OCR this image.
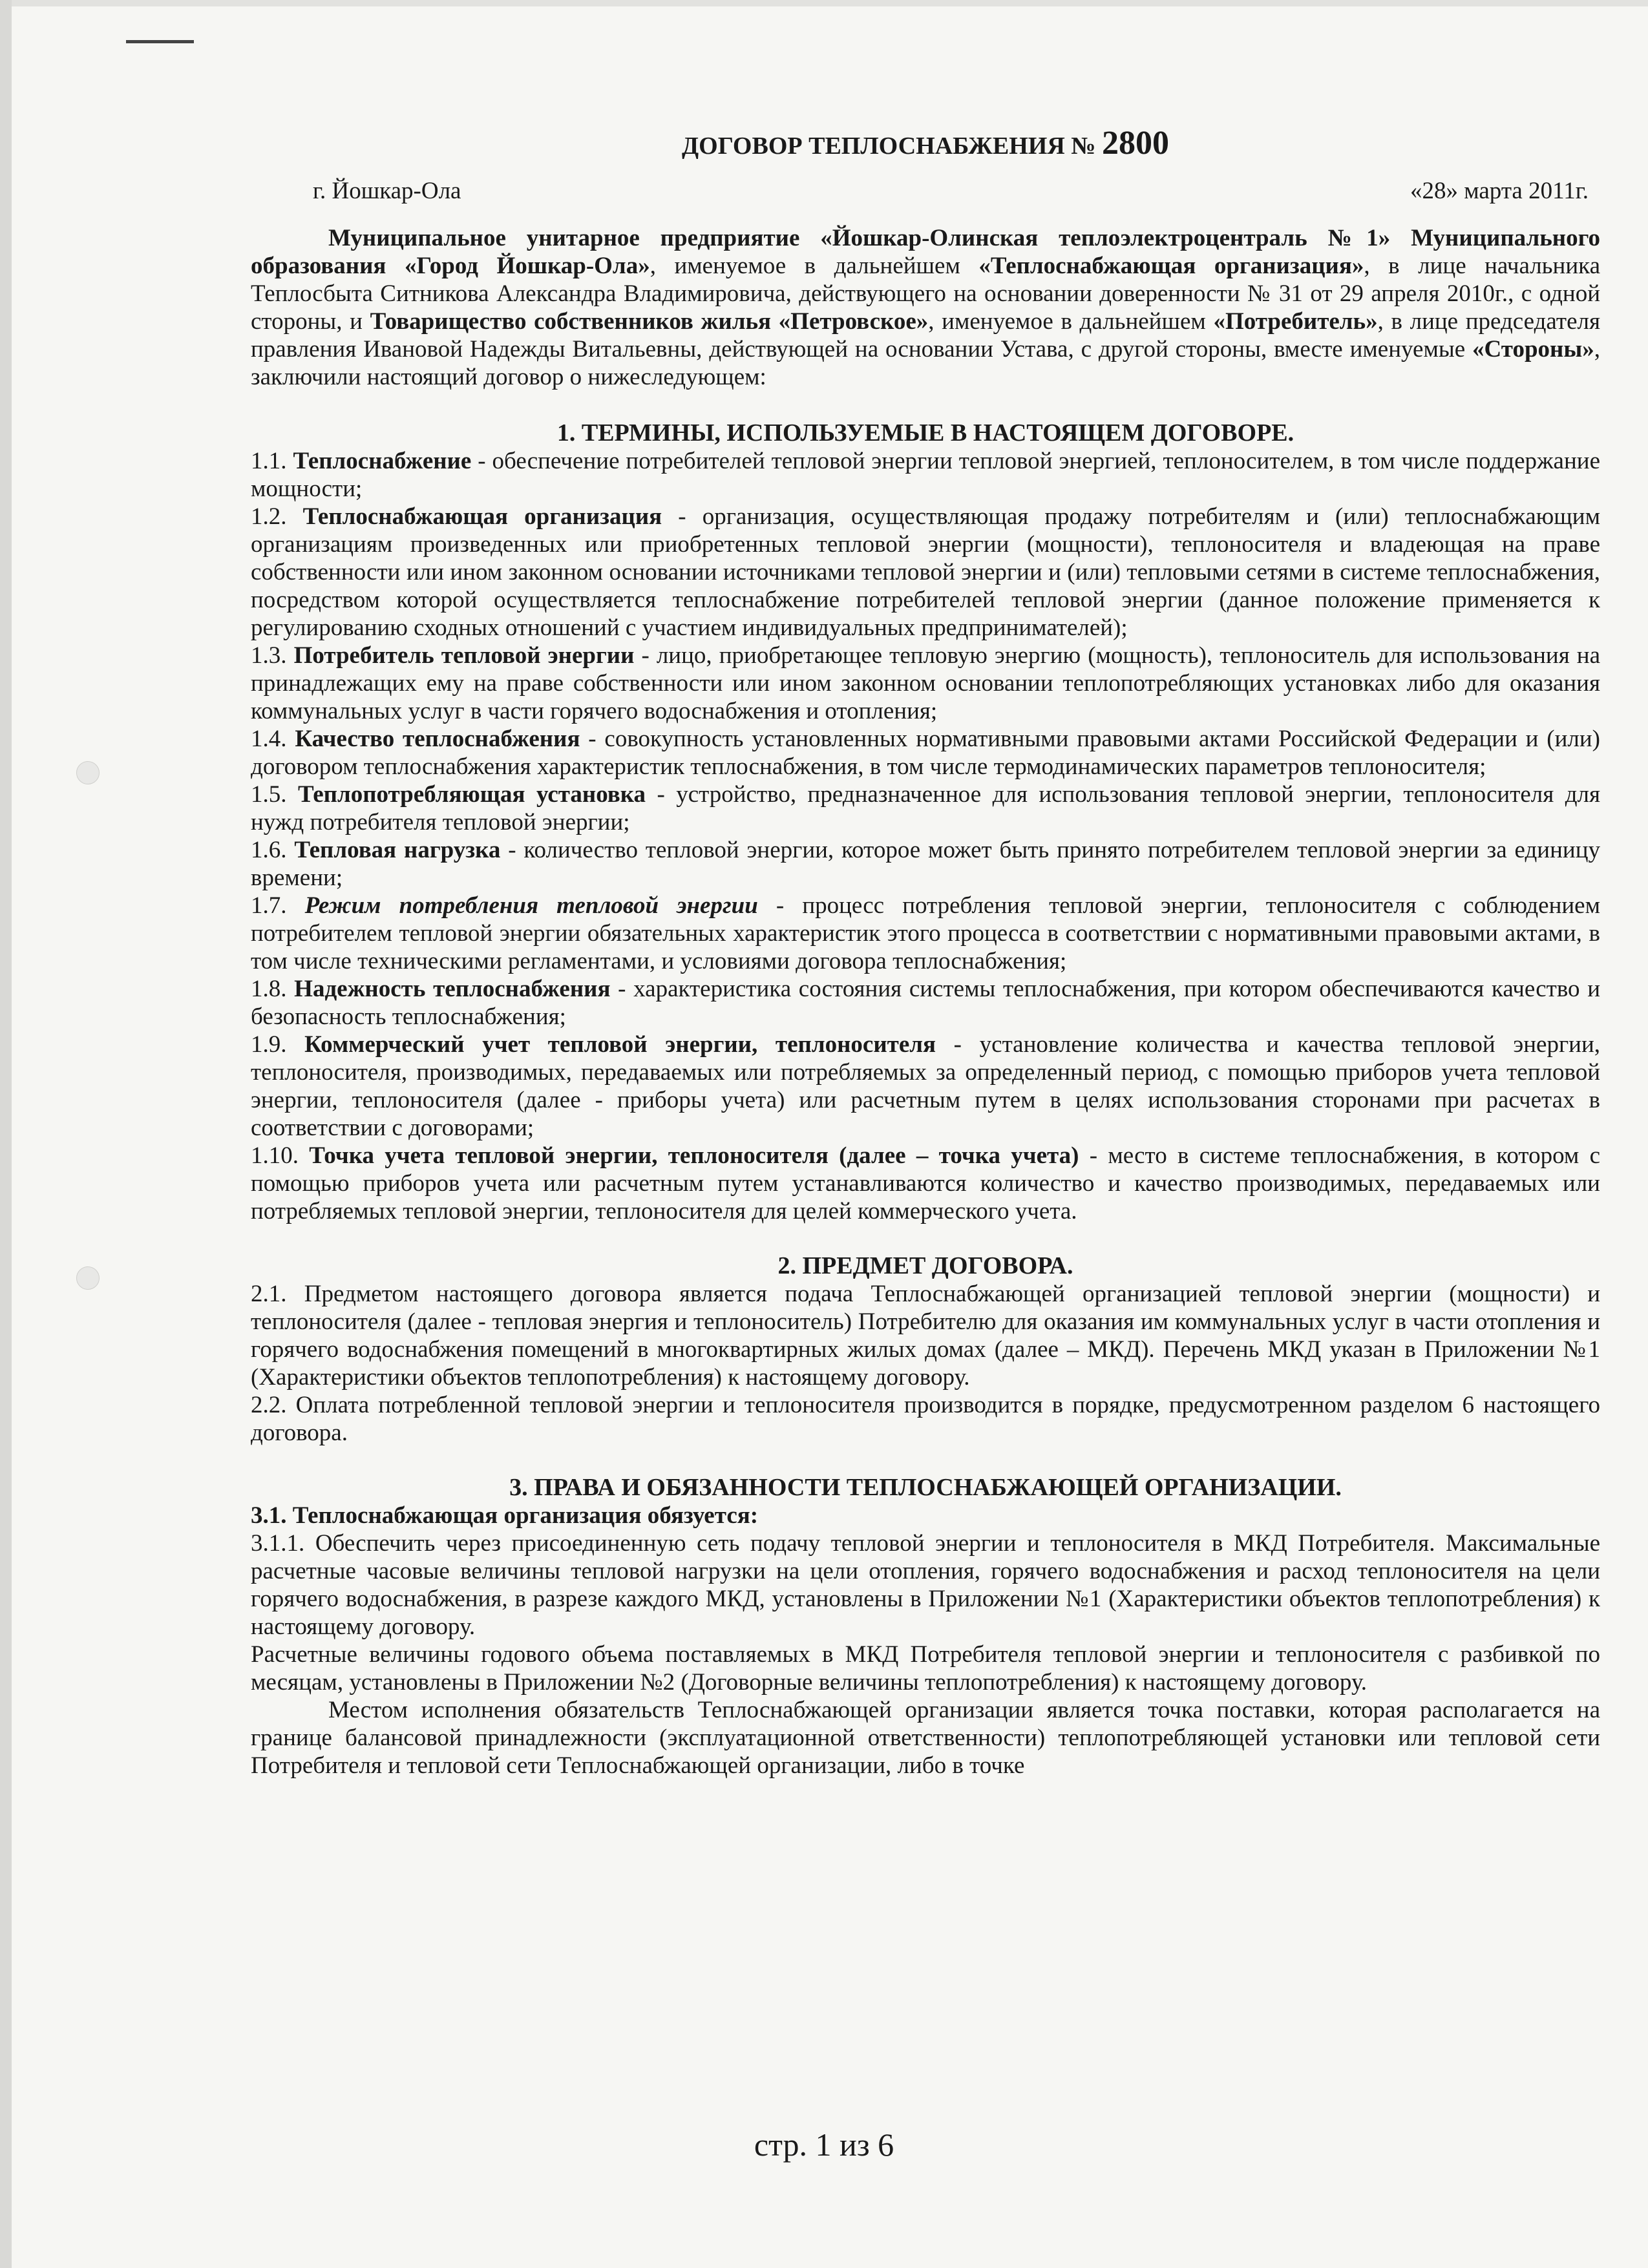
ДОГОВОР ТЕПЛОСНАБЖЕНИЯ № 2800
г. Йошкар-Ола	«28» марта 2011г.

Муниципальное унитарное предприятие «Йошкар-Олинская теплоэлектроцентраль №1» Муниципального образования «Город Йошкар-Ола», именуемое в дальнейшем «Теплоснабжающая организация», в лице начальника Теплосбыта Ситникова Александра Владимировича, действующего на основании доверенности № 31 от 29 апреля 2010г., с одной стороны, и Товарищество собственников жилья «Петровское», именуемое в дальнейшем «Потребитель», в лице председателя правления Ивановой Надежды Витальевны, действующей на основании Устава, с другой стороны, вместе именуемые «Стороны», заключили настоящий договор о нижеследующем:

1. ТЕРМИНЫ, ИСПОЛЬЗУЕМЫЕ В НАСТОЯЩЕМ ДОГОВОРЕ.

1.1. Теплоснабжение - обеспечение потребителей тепловой энергии тепловой энергией, теплоносителем, в том числе поддержание мощности;

1.2. Теплоснабжающая организация - организация, осуществляющая продажу потребителям и (или) теплоснабжающим организациям произведенных или приобретенных тепловой энергии (мощности), теплоносителя и владеющая на праве собственности или ином законном основании источниками тепловой энергии и (или) тепловыми сетями в системе теплоснабжения, посредством которой осуществляется теплоснабжение потребителей тепловой энергии (данное положение применяется к регулированию сходных отношений с участием индивидуальных предпринимателей);

1.3. Потребитель тепловой энергии - лицо, приобретающее тепловую энергию (мощность), теплоноситель для использования на принадлежащих ему на праве собственности или ином законном основании теплопотребляющих установках либо для оказания коммунальных услуг в части горячего водоснабжения и отопления;

1.4. Качество теплоснабжения - совокупность установленных нормативными правовыми актами Российской Федерации и (или) договором теплоснабжения характеристик теплоснабжения, в том числе термодинамических параметров теплоносителя;

1.5. Теплопотребляющая установка - устройство, предназначенное для использования тепловой энергии, теплоносителя для нужд потребителя тепловой энергии;

1.6. Тепловая нагрузка - количество тепловой энергии, которое может быть принято потребителем тепловой энергии за единицу времени;

1.7. Режим потребления тепловой энергии - процесс потребления тепловой энергии, теплоносителя с соблюдением потребителем тепловой энергии обязательных характеристик этого процесса в соответствии с нормативными правовыми актами, в том числе техническими регламентами, и условиями договора теплоснабжения;

1.8. Надежность теплоснабжения - характеристика состояния системы теплоснабжения, при котором обеспечиваются качество и безопасность теплоснабжения;

1.9. Коммерческий учет тепловой энергии, теплоносителя - установление количества и качества тепловой энергии, теплоносителя, производимых, передаваемых или потребляемых за определенный период, с помощью приборов учета тепловой энергии, теплоносителя (далее - приборы учета) или расчетным путем в целях использования сторонами при расчетах в соответствии с договорами;

1.10. Точка учета тепловой энергии, теплоносителя (далее – точка учета) - место в системе теплоснабжения, в котором с помощью приборов учета или расчетным путем устанавливаются количество и качество производимых, передаваемых или потребляемых тепловой энергии, теплоносителя для целей коммерческого учета.

2. ПРЕДМЕТ ДОГОВОРА.

2.1. Предметом настоящего договора является подача Теплоснабжающей организацией тепловой энергии (мощности) и теплоносителя (далее - тепловая энергия и теплоноситель) Потребителю для оказания им коммунальных услуг в части отопления и горячего водоснабжения помещений в многоквартирных жилых домах (далее – МКД). Перечень МКД указан в Приложении №1 (Характеристики объектов теплопотребления) к настоящему договору.

2.2. Оплата потребленной тепловой энергии и теплоносителя производится в порядке, предусмотренном разделом 6 настоящего договора.

3. ПРАВА И ОБЯЗАННОСТИ ТЕПЛОСНАБЖАЮЩЕЙ ОРГАНИЗАЦИИ.

3.1. Теплоснабжающая организация обязуется:

3.1.1. Обеспечить через присоединенную сеть подачу тепловой энергии и теплоносителя в МКД Потребителя. Максимальные расчетные часовые величины тепловой нагрузки на цели отопления, горячего водоснабжения и расход теплоносителя на цели горячего водоснабжения, в разрезе каждого МКД, установлены в Приложении №1 (Характеристики объектов теплопотребления) к настоящему договору.

Расчетные величины годового объема поставляемых в МКД Потребителя тепловой энергии и теплоносителя с разбивкой по месяцам, установлены в Приложении №2 (Договорные величины теплопотребления) к настоящему договору.

Местом исполнения обязательств Теплоснабжающей организации является точка поставки, которая располагается на границе балансовой принадлежности (эксплуатационной ответственности) теплопотребляющей установки или тепловой сети Потребителя и тепловой сети Теплоснабжающей организации, либо в точке

стр. 1 из 6
